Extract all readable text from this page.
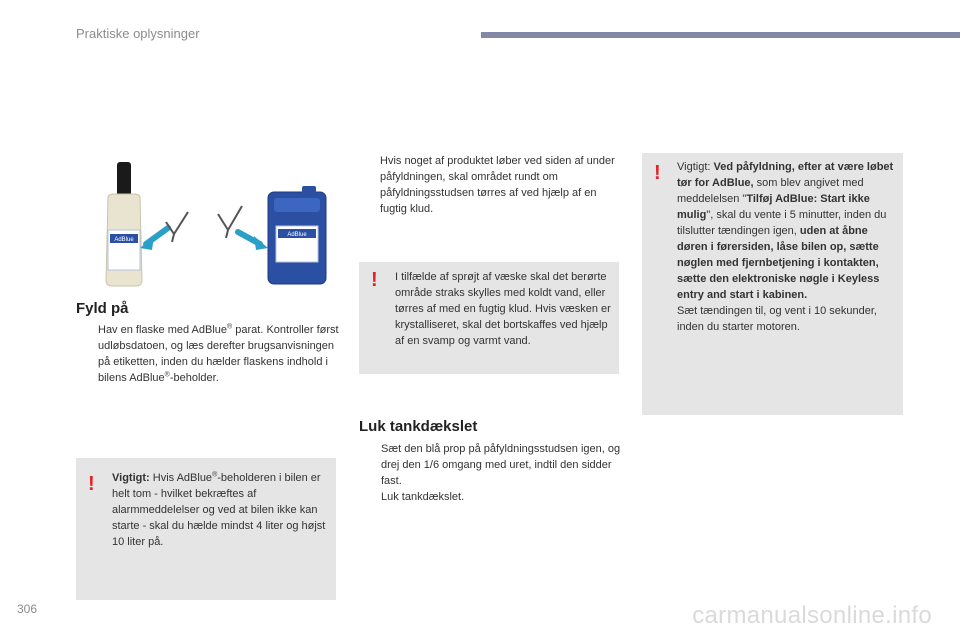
Praktiske oplysninger
AdBlue
AdBlue
Fyld på
Hav en flaske med AdBlue® parat. Kontroller først udløbsdatoen, og læs derefter brugsanvisningen på etiketten, inden du hælder flaskens indhold i bilens AdBlue®-beholder.
! Vigtigt: Hvis AdBlue®-beholderen i bilen er helt tom - hvilket bekræftes af alarmmeddelelser og ved at bilen ikke kan starte - skal du hælde mindst 4 liter og højst 10 liter på.
Hvis noget af produktet løber ved siden af under påfyldningen, skal området rundt om påfyldningsstudsen tørres af ved hjælp af en fugtig klud.
! I tilfælde af sprøjt af væske skal det berørte område straks skylles med koldt vand, eller tørres af med en fugtig klud. Hvis væsken er krystalliseret, skal det bortskaffes ved hjælp af en svamp og varmt vand.
Luk tankdækslet
Sæt den blå prop på påfyldningsstudsen igen, og drej den 1/6 omgang med uret, indtil den sidder fast.
Luk tankdækslet.
! Vigtigt: Ved påfyldning, efter at være løbet tør for AdBlue, som blev angivet med meddelelsen "Tilføj AdBlue: Start ikke mulig", skal du vente i 5 minutter, inden du tilslutter tændingen igen, uden at åbne døren i førersiden, låse bilen op, sætte nøglen med fjernbetjening i kontakten, sætte den elektroniske nøgle i Keyless entry and start i kabinen.
Sæt tændingen til, og vent i 10 sekunder, inden du starter motoren.
306	carmanualsonline.info
